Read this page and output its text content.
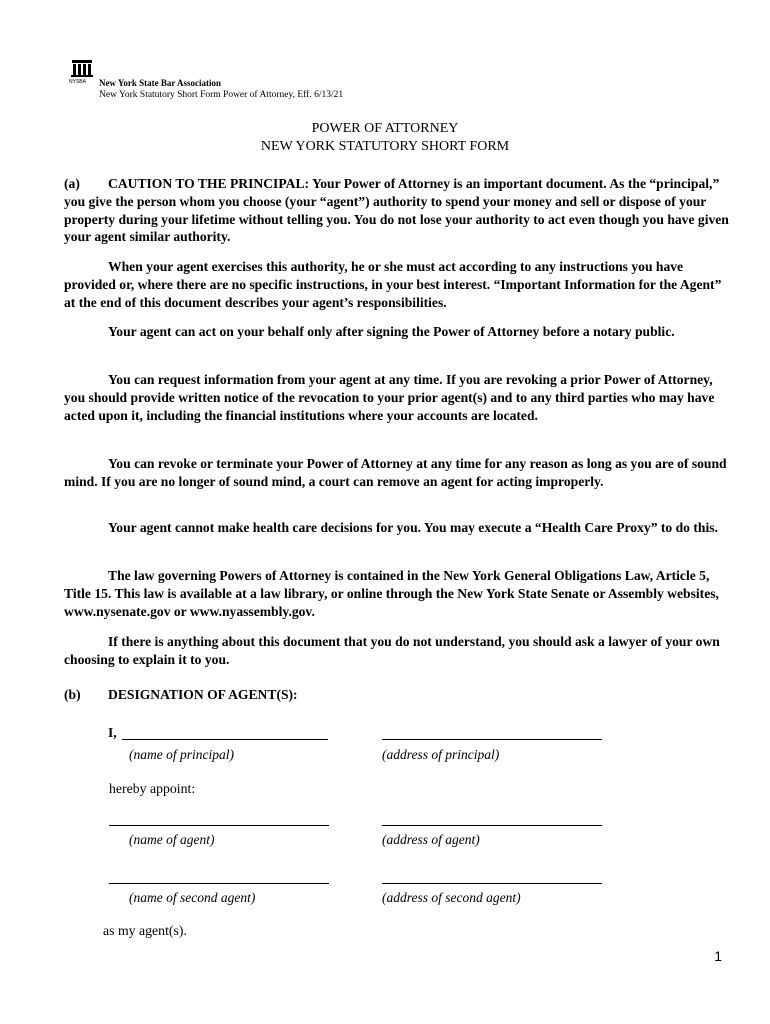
NYSBA New York State Bar Association
New York Statutory Short Form Power of Attorney, Eff. 6/13/21
POWER OF ATTORNEY
NEW YORK STATUTORY SHORT FORM
(a) CAUTION TO THE PRINCIPAL: Your Power of Attorney is an important document. As the “principal,” you give the person whom you choose (your “agent”) authority to spend your money and sell or dispose of your property during your lifetime without telling you. You do not lose your authority to act even though you have given your agent similar authority.
When your agent exercises this authority, he or she must act according to any instructions you have provided or, where there are no specific instructions, in your best interest. “Important Information for the Agent” at the end of this document describes your agent’s responsibilities.
Your agent can act on your behalf only after signing the Power of Attorney before a notary public.
You can request information from your agent at any time. If you are revoking a prior Power of Attorney, you should provide written notice of the revocation to your prior agent(s) and to any third parties who may have acted upon it, including the financial institutions where your accounts are located.
You can revoke or terminate your Power of Attorney at any time for any reason as long as you are of sound mind. If you are no longer of sound mind, a court can remove an agent for acting improperly.
Your agent cannot make health care decisions for you. You may execute a “Health Care Proxy” to do this.
The law governing Powers of Attorney is contained in the New York General Obligations Law, Article 5, Title 15. This law is available at a law library, or online through the New York State Senate or Assembly websites, www.nysenate.gov or www.nyassembly.gov.
If there is anything about this document that you do not understand, you should ask a lawyer of your own choosing to explain it to you.
(b) DESIGNATION OF AGENT(S):
I,
(name of principal)	(address of principal)
hereby appoint:
(name of agent)	(address of agent)
(name of second agent)	(address of second agent)
as my agent(s).
1
